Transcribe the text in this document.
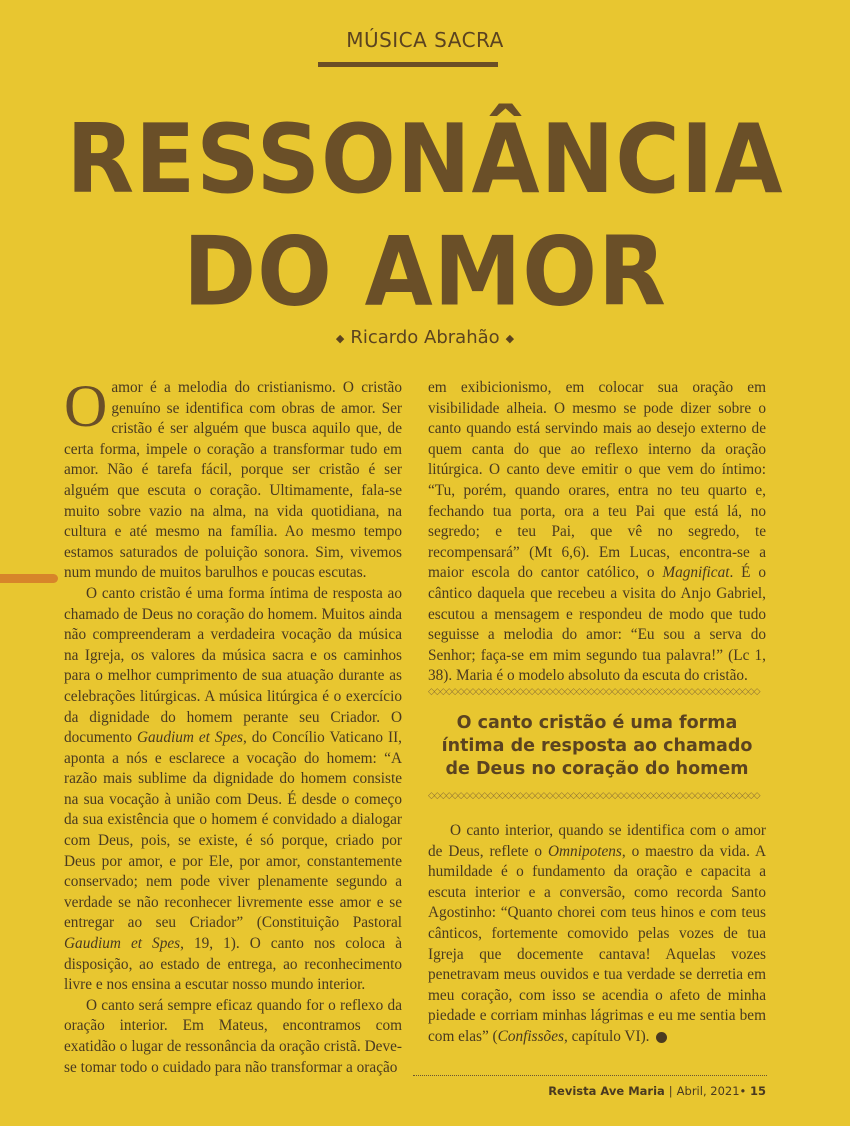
MÚSICA SACRA
RESSONÂNCIA
DO AMOR
◆ Ricardo Abrahão ◆

Oamor é a melodia do cristianismo. O cristão genuíno se identifica com obras de amor. Ser cristão é ser alguém que busca aquilo que, de certa forma, impele o coração a transformar tudo em amor. Não é tarefa fácil, porque ser cristão é ser alguém que escuta o coração. Ultimamente, fala-se muito sobre vazio na alma, na vida quotidiana, na cultura e até mesmo na família. Ao mesmo tempo estamos saturados de poluição sonora. Sim, vivemos num mundo de muitos barulhos e poucas escutas.

O canto cristão é uma forma íntima de resposta ao chamado de Deus no coração do homem. Muitos ainda não compreenderam a verdadeira vocação da música na Igreja, os valores da música sacra e os caminhos para o melhor cumprimento de sua atuação durante as celebrações litúrgicas. A música litúrgica é o exercício da dignidade do homem perante seu Criador. O documento Gaudium et Spes, do Concílio Vaticano II, aponta a nós e esclarece a vocação do homem: “A razão mais sublime da dignidade do homem consiste na sua vocação à união com Deus. É desde o começo da sua existência que o homem é convidado a dialogar com Deus, pois, se existe, é só porque, criado por Deus por amor, e por Ele, por amor, constantemente conservado; nem pode viver plenamente segundo a verdade se não reconhecer livremente esse amor e se entregar ao seu Criador” (Constituição Pastoral Gaudium et Spes, 19, 1). O canto nos coloca à disposição, ao estado de entrega, ao reconhecimento livre e nos ensina a escutar nosso mundo interior.

O canto será sempre eficaz quando for o reflexo da oração interior. Em Mateus, encontramos com exatidão o lugar de ressonância da oração cristã. Deve-se tomar todo o cuidado para não transformar a oração

em exibicionismo, em colocar sua oração em visibilidade alheia. O mesmo se pode dizer sobre o canto quando está servindo mais ao desejo externo de quem canta do que ao reflexo interno da oração litúrgica. O canto deve emitir o que vem do íntimo: “Tu, porém, quando orares, entra no teu quarto e, fechando tua porta, ora a teu Pai que está lá, no segredo; e teu Pai, que vê no segredo, te recompensará” (Mt 6,6). Em Lucas, encontra-se a maior escola do cantor católico, o Magnificat. É o cântico daquela que recebeu a visita do Anjo Gabriel, escutou a mensagem e respondeu de modo que tudo seguisse a melodia do amor: “Eu sou a serva do Senhor; faça-se em mim segundo tua palavra!” (Lc 1, 38). Maria é o modelo absoluto da escuta do cristão.

◇◇◇◇◇◇◇◇◇◇◇◇◇◇◇◇◇◇◇◇◇◇◇◇◇◇◇◇◇◇◇◇◇◇◇◇◇◇◇◇◇◇◇◇◇◇◇◇◇◇◇◇◇◇◇◇
O canto cristão é uma forma
íntima de resposta ao chamado
de Deus no coração do homem
◇◇◇◇◇◇◇◇◇◇◇◇◇◇◇◇◇◇◇◇◇◇◇◇◇◇◇◇◇◇◇◇◇◇◇◇◇◇◇◇◇◇◇◇◇◇◇◇◇◇◇◇◇◇◇◇

O canto interior, quando se identifica com o amor de Deus, reflete o Omnipotens, o maestro da vida. A humildade é o fundamento da oração e capacita a escuta interior e a conversão, como recorda Santo Agostinho: “Quanto chorei com teus hinos e com teus cânticos, fortemente comovido pelas vozes de tua Igreja que docemente cantava! Aquelas vozes penetravam meus ouvidos e tua verdade se derretia em meu coração, com isso se acendia o afeto de minha piedade e corriam minhas lágrimas e eu me sentia bem com elas” (Confissões, capítulo VI).

Revista Ave Maria | Abril, 2021• 15
